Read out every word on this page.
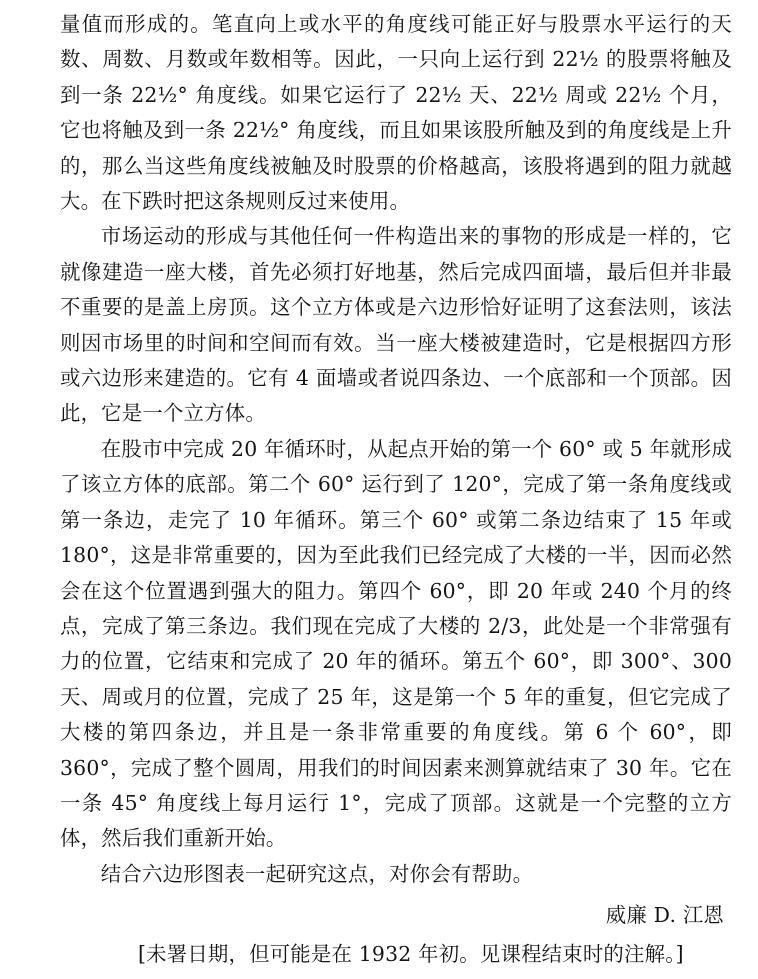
量值而形成的。笔直向上或水平的角度线可能正好与股票水平运行的天数、周数、月数或年数相等。因此，一只向上运行到 22½ 的股票将触及到一条 22½° 角度线。如果它运行了 22½ 天、22½ 周或 22½ 个月，它也将触及到一条 22½° 角度线，而且如果该股所触及到的角度线是上升的，那么当这些角度线被触及时股票的价格越高，该股将遇到的阻力就越大。在下跌时把这条规则反过来使用。

市场运动的形成与其他任何一件构造出来的事物的形成是一样的，它就像建造一座大楼，首先必须打好地基，然后完成四面墙，最后但并非最不重要的是盖上房顶。这个立方体或是六边形恰好证明了这套法则，该法则因市场里的时间和空间而有效。当一座大楼被建造时，它是根据四方形或六边形来建造的。它有 4 面墙或者说四条边、一个底部和一个顶部。因此，它是一个立方体。

在股市中完成 20 年循环时，从起点开始的第一个 60° 或 5 年就形成了该立方体的底部。第二个 60° 运行到了 120°，完成了第一条角度线或第一条边，走完了 10 年循环。第三个 60° 或第二条边结束了 15 年或 180°，这是非常重要的，因为至此我们已经完成了大楼的一半，因而必然会在这个位置遇到强大的阻力。第四个 60°，即 20 年或 240 个月的终点，完成了第三条边。我们现在完成了大楼的 2/3，此处是一个非常强有力的位置，它结束和完成了 20 年的循环。第五个 60°，即 300°、300 天、周或月的位置，完成了 25 年，这是第一个 5 年的重复，但它完成了大楼的第四条边，并且是一条非常重要的角度线。第 6 个 60°，即 360°，完成了整个圆周，用我们的时间因素来测算就结束了 30 年。它在一条 45° 角度线上每月运行 1°，完成了顶部。这就是一个完整的立方体，然后我们重新开始。

结合六边形图表一起研究这点，对你会有帮助。

威廉 D. 江恩

[未署日期，但可能是在 1932 年初。见课程结束时的注解。]
